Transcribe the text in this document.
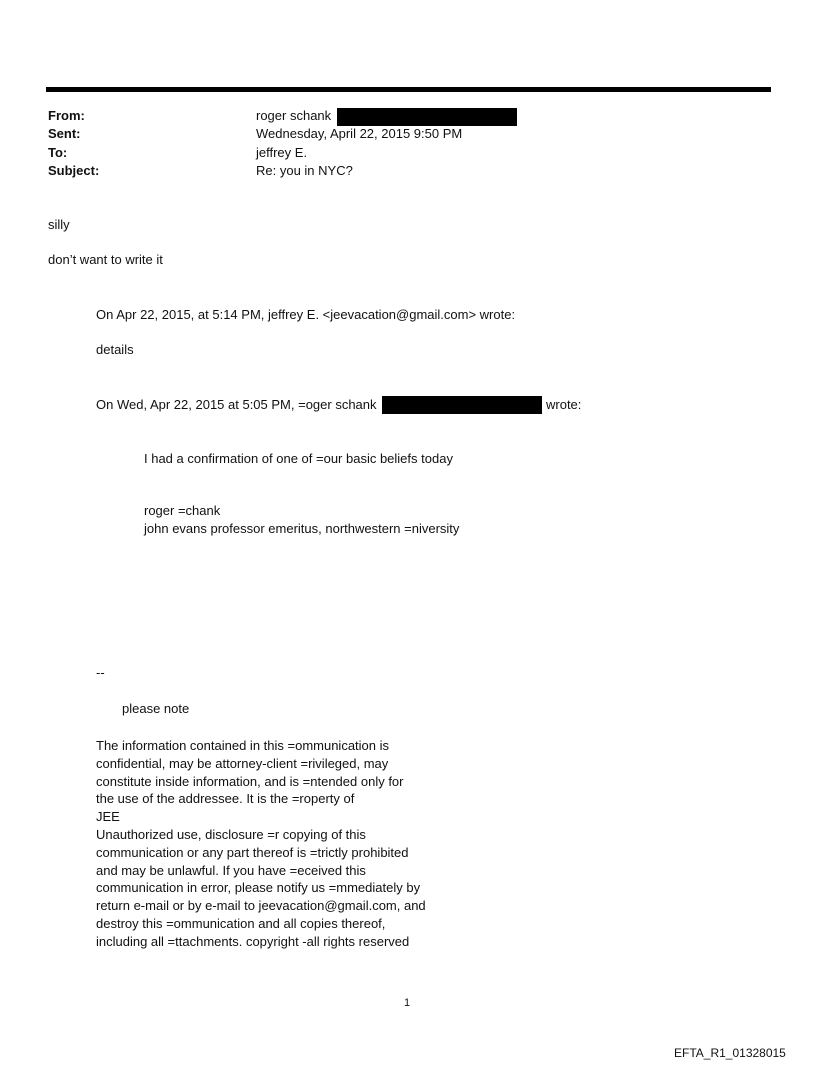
From:	roger schank
Sent:	Wednesday, April 22, 2015 9:50 PM
To:	jeffrey E.
Subject:	Re: you in NYC?
silly
don’t want to write it
On Apr 22, 2015, at 5:14 PM, jeffrey E. <jeevacation@gmail.com> wrote:
details
On Wed, Apr 22, 2015 at 5:05 PM, =oger schank	wrote:
I had a confirmation of one of =our basic beliefs today
roger =chank
john evans professor emeritus, northwestern =niversity
--
please note
The information contained in this =ommunication is
confidential, may be attorney-client =rivileged, may
constitute inside information, and is =ntended only for
the use of the addressee. It is the =roperty of
JEE
Unauthorized use, disclosure =r copying of this
communication or any part thereof is =trictly prohibited
and may be unlawful. If you have =eceived this
communication in error, please notify us =mmediately by
return e-mail or by e-mail to jeevacation@gmail.com, and
destroy this =ommunication and all copies thereof,
including all =ttachments. copyright -all rights reserved
1
EFTA_R1_01328015
